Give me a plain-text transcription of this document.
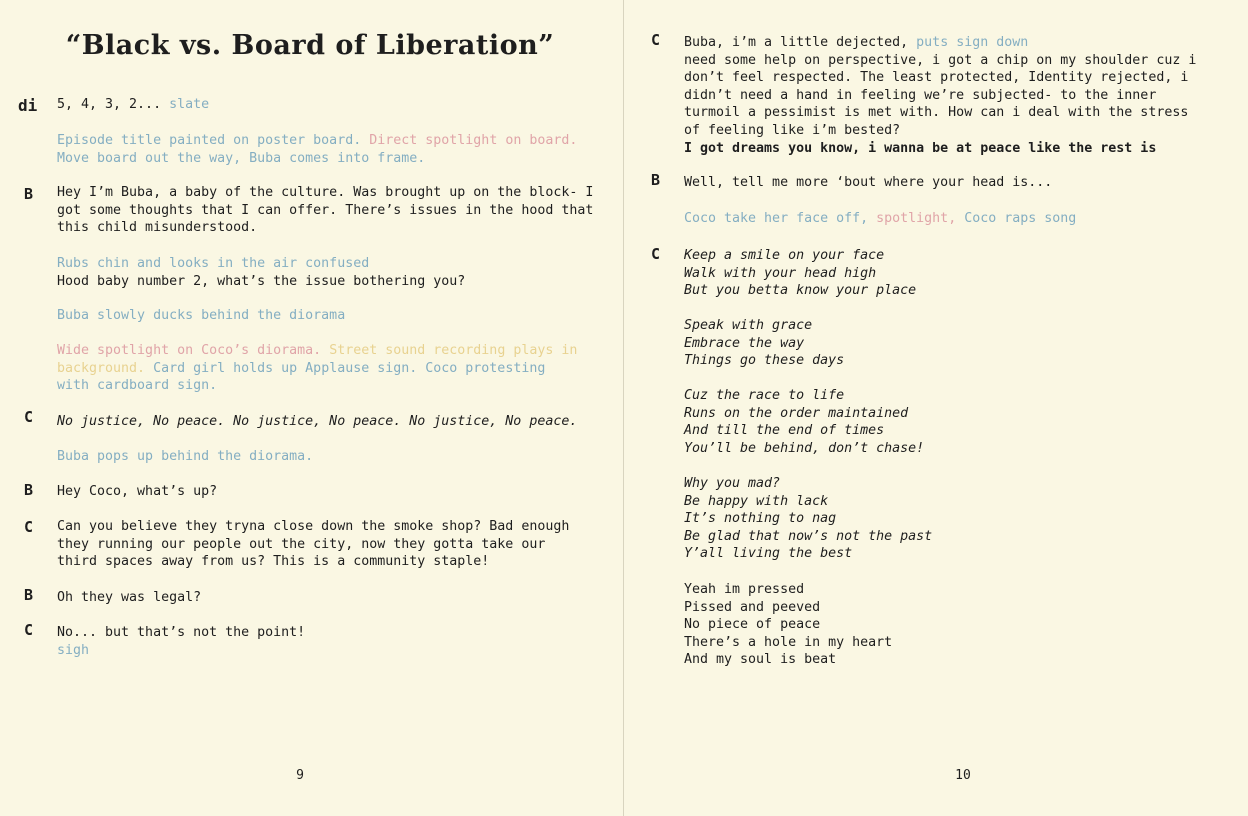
“Black vs. Board of Liberation”
di 5, 4, 3, 2... slate
Episode title painted on poster board. Direct spotlight on board.
Move board out the way, Buba comes into frame.
B Hey I’m Buba, a baby of the culture. Was brought up on the block- I
got some thoughts that I can offer. There’s issues in the hood that
this child misunderstood.
Rubs chin and looks in the air confused
Hood baby number 2, what’s the issue bothering you?
Buba slowly ducks behind the diorama
Wide spotlight on Coco’s diorama. Street sound recording plays in
background. Card girl holds up Applause sign. Coco protesting
with cardboard sign.
C No justice, No peace. No justice, No peace. No justice, No peace.
Buba pops up behind the diorama.
B Hey Coco, what’s up?
C Can you believe they tryna close down the smoke shop? Bad enough
they running our people out the city, now they gotta take our
third spaces away from us? This is a community staple!
B Oh they was legal?
C No... but that’s not the point!
sigh
9
C Buba, i’m a little dejected, puts sign down
need some help on perspective, i got a chip on my shoulder cuz i
don’t feel respected. The least protected, Identity rejected, i
didn’t need a hand in feeling we’re subjected- to the inner
turmoil a pessimist is met with. How can i deal with the stress
of feeling like i’m bested?
I got dreams you know, i wanna be at peace like the rest is
B Well, tell me more ‘bout where your head is...
Coco take her face off, spotlight, Coco raps song
C Keep a smile on your face
Walk with your head high
But you betta know your place
Speak with grace
Embrace the way
Things go these days
Cuz the race to life
Runs on the order maintained
And till the end of times
You’ll be behind, don’t chase!
Why you mad?
Be happy with lack
It’s nothing to nag
Be glad that now’s not the past
Y’all living the best
Yeah im pressed
Pissed and peeved
No piece of peace
There’s a hole in my heart
And my soul is beat
10
